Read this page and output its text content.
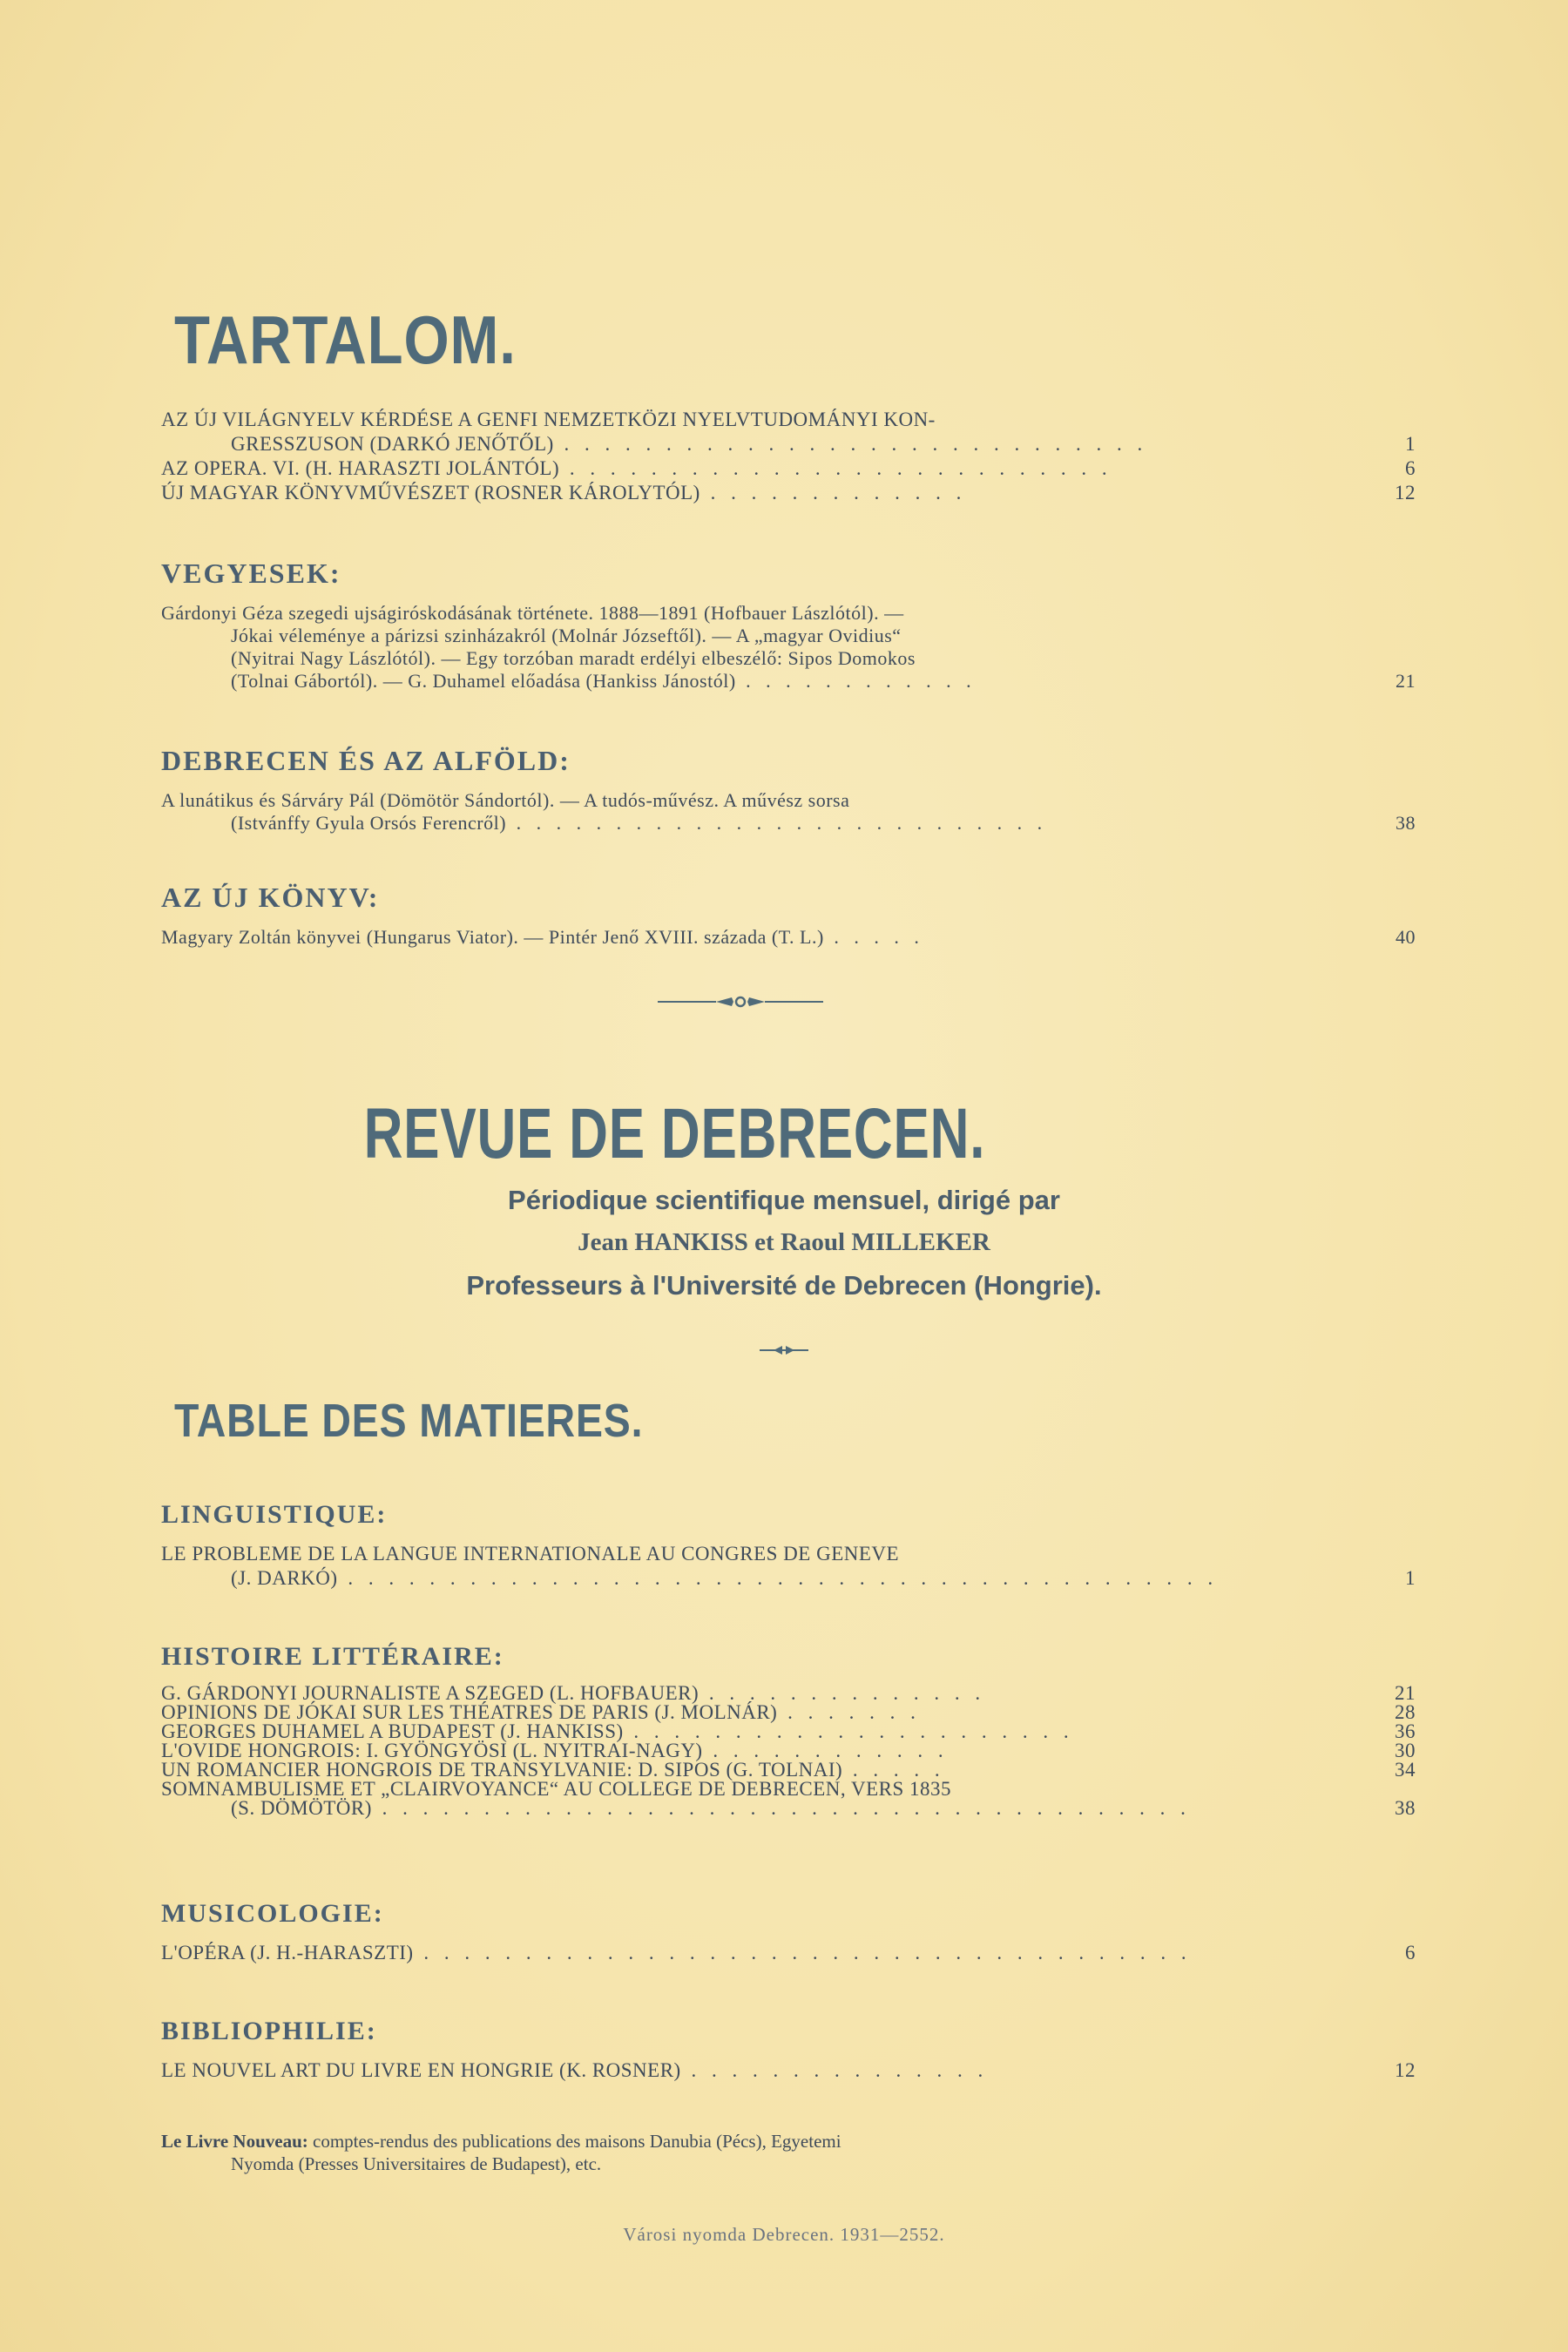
TARTALOM.
AZ ÚJ VILÁGNYELV KÉRDÉSE A GENFI NEMZETKÖZI NYELVTUDOMÁNYI KON-
GRESSZUSON (DARKÓ JENŐTŐL) . . . . . . . . . . . . . . . . . . . . . . . . . . . . .	1
AZ OPERA. VI. (H. HARASZTI JOLÁNTÓL) . . . . . . . . . . . . . . . . . . . . . . . . . . .	6
ÚJ MAGYAR KÖNYVMŰVÉSZET (ROSNER KÁROLYTÓL) . . . . . . . . . . . . .	12
VEGYESEK:
Gárdonyi Géza szegedi ujságiróskodásának története. 1888—1891 (Hofbauer Lászlótól). —
Jókai véleménye a párizsi szinházakról (Molnár Józseftől). — A „magyar Ovidius“
(Nyitrai Nagy Lászlótól). — Egy torzóban maradt erdélyi elbeszélő: Sipos Domokos
(Tolnai Gábortól). — G. Duhamel előadása (Hankiss Jánostól) . . . . . . . . . . . .	21
DEBRECEN ÉS AZ ALFÖLD:
A lunátikus és Sárváry Pál (Dömötör Sándortól). — A tudós-művész. A művész sorsa
(Istvánffy Gyula Orsós Ferencről) . . . . . . . . . . . . . . . . . . . . . . . . . . .	38
AZ ÚJ KÖNYV:
Magyary Zoltán könyvei (Hungarus Viator). — Pintér Jenő XVIII. százada (T. L.) . . . . .	40
REVUE DE DEBRECEN.
Périodique scientifique mensuel, dirigé par
Jean HANKISS et Raoul MILLEKER
Professeurs à l'Université de Debrecen (Hongrie).
TABLE DES MATIERES.
LINGUISTIQUE:
LE PROBLEME DE LA LANGUE INTERNATIONALE AU CONGRES DE GENEVE
(J. DARKÓ) . . . . . . . . . . . . . . . . . . . . . . . . . . . . . . . . . . . . . . . . . . .	1
HISTOIRE LITTÉRAIRE:
G. GÁRDONYI JOURNALISTE A SZEGED (L. HOFBAUER) . . . . . . . . . . . . . .	21
OPINIONS DE JÓKAI SUR LES THÉATRES DE PARIS (J. MOLNÁR) . . . . . . .	28
GEORGES DUHAMEL A BUDAPEST (J. HANKISS) . . . . . . . . . . . . . . . . . . . . . .	36
L'OVIDE HONGROIS: I. GYÖNGYÖSI (L. NYITRAI-NAGY) . . . . . . . . . . . .	30
UN ROMANCIER HONGROIS DE TRANSYLVANIE: D. SIPOS (G. TOLNAI) . . . . .	34
SOMNAMBULISME ET „CLAIRVOYANCE“ AU COLLEGE DE DEBRECEN, VERS 1835
(S. DÖMÖTÖR) . . . . . . . . . . . . . . . . . . . . . . . . . . . . . . . . . . . . . . . .	38
MUSICOLOGIE:
L'OPÉRA (J. H.-HARASZTI) . . . . . . . . . . . . . . . . . . . . . . . . . . . . . . . . . . . . . .	6
BIBLIOPHILIE:
LE NOUVEL ART DU LIVRE EN HONGRIE (K. ROSNER) . . . . . . . . . . . . . . .	12
Le Livre Nouveau: comptes-rendus des publications des maisons Danubia (Pécs), Egyetemi
Nyomda (Presses Universitaires de Budapest), etc.
Városi nyomda Debrecen. 1931—2552.
